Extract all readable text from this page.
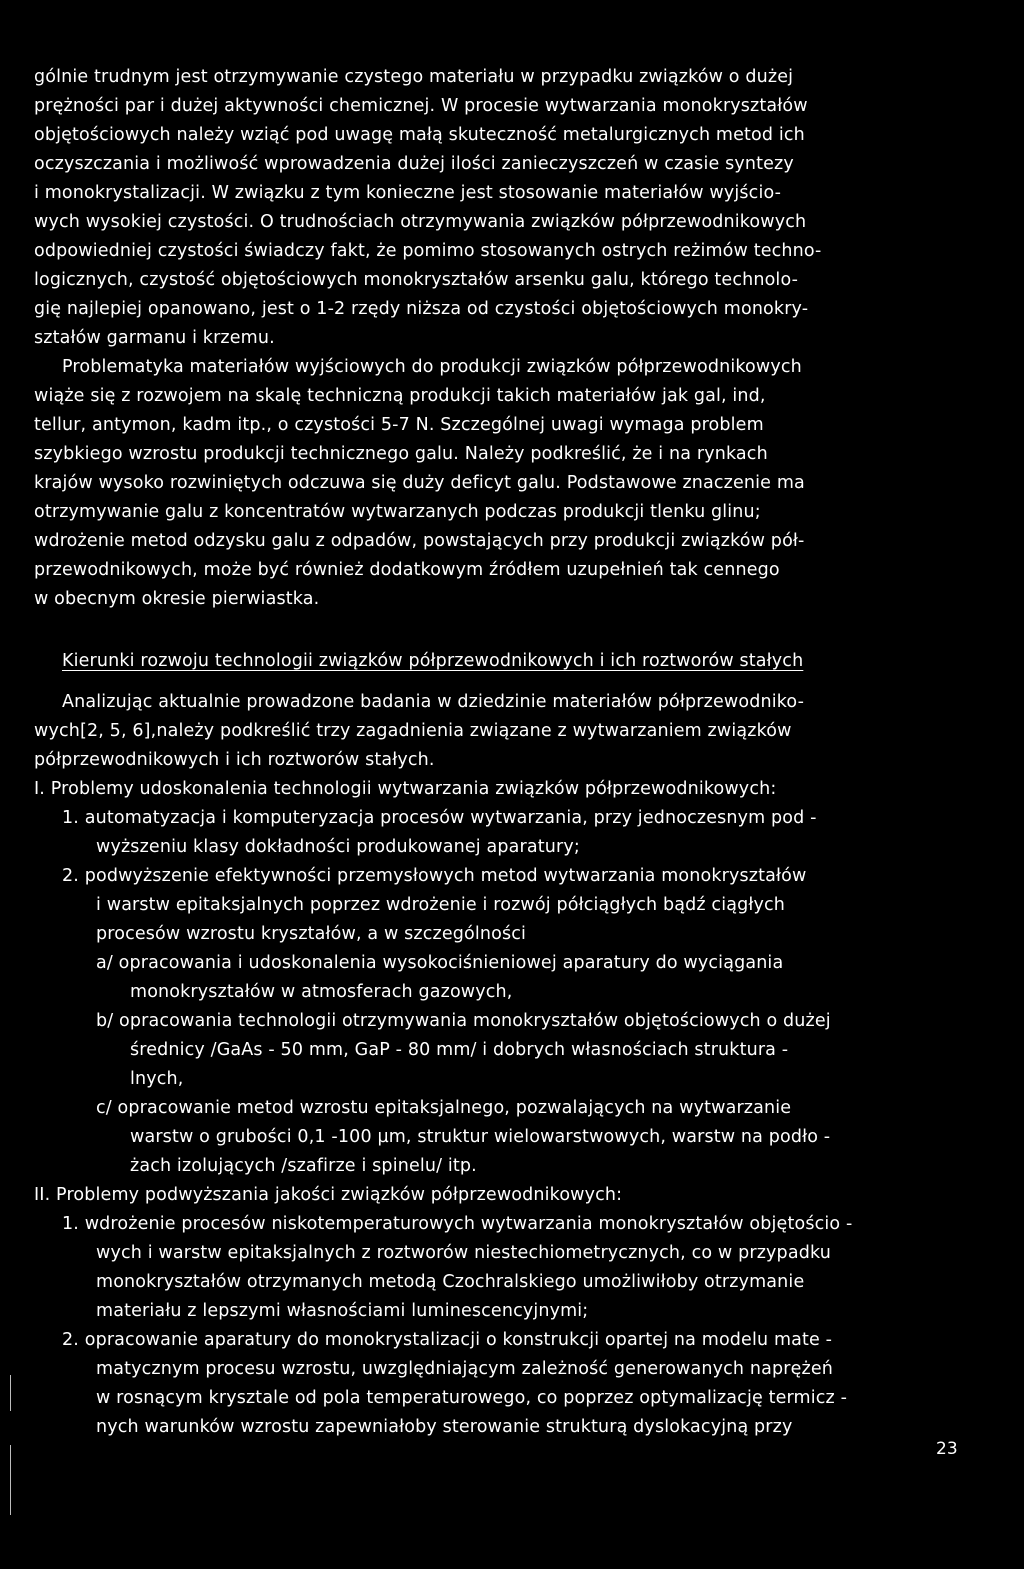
gólnie trudnym jest otrzymywanie czystego materiału w przypadku związków o dużej
prężności par i dużej aktywności chemicznej. W procesie wytwarzania monokryształów
objętościowych należy wziąć pod uwagę małą skuteczność metalurgicznych metod ich
oczyszczania i możliwość wprowadzenia dużej ilości zanieczyszczeń w czasie syntezy
i monokrystalizacji. W związku z tym konieczne jest stosowanie materiałów wyjścio-
wych wysokiej czystości. O trudnościach otrzymywania związków półprzewodnikowych
odpowiedniej czystości świadczy fakt, że pomimo stosowanych ostrych reżimów techno-
logicznych, czystość objętościowych monokryształów arsenku galu, którego technolo-
gię najlepiej opanowano, jest o 1-2 rzędy niższa od czystości objętościowych monokry-
ształów garmanu i krzemu.
Problematyka materiałów wyjściowych do produkcji związków półprzewodnikowych
wiąże się z rozwojem na skalę techniczną produkcji takich materiałów jak gal, ind,
tellur, antymon, kadm itp., o czystości 5-7 N. Szczególnej uwagi wymaga problem
szybkiego wzrostu produkcji technicznego galu. Należy podkreślić, że i na rynkach
krajów wysoko rozwiniętych odczuwa się duży deficyt galu. Podstawowe znaczenie ma
otrzymywanie galu z koncentratów wytwarzanych podczas produkcji tlenku glinu;
wdrożenie metod odzysku galu z odpadów, powstających przy produkcji związków pół-
przewodnikowych, może być również dodatkowym źródłem uzupełnień tak cennego
w obecnym okresie pierwiastka.
Kierunki rozwoju technologii związków półprzewodnikowych i ich roztworów stałych
Analizując aktualnie prowadzone badania w dziedzinie materiałów półprzewodniko-
wych[2, 5, 6],należy podkreślić trzy zagadnienia związane z wytwarzaniem związków
półprzewodnikowych i ich roztworów stałych.
I. Problemy udoskonalenia technologii wytwarzania związków półprzewodnikowych:
1. automatyzacja i komputeryzacja procesów wytwarzania, przy jednoczesnym pod -
wyższeniu klasy dokładności produkowanej aparatury;
2. podwyższenie efektywności przemysłowych metod wytwarzania monokryształów
i warstw epitaksjalnych poprzez wdrożenie i rozwój półciągłych bądź ciągłych
procesów wzrostu kryształów, a w szczególności
a/ opracowania i udoskonalenia wysokociśnieniowej aparatury do wyciągania
monokryształów w atmosferach gazowych,
b/ opracowania technologii otrzymywania monokryształów objętościowych o dużej
średnicy /GaAs - 50 mm, GaP - 80 mm/ i dobrych własnościach struktura -
lnych,
c/ opracowanie metod wzrostu epitaksjalnego, pozwalających na wytwarzanie
warstw o grubości 0,1 -100 µm, struktur wielowarstwowych, warstw na podło -
żach izolujących /szafirze i spinelu/ itp.
II. Problemy podwyższania jakości związków półprzewodnikowych:
1. wdrożenie procesów niskotemperaturowych wytwarzania monokryształów objętościo -
wych i warstw epitaksjalnych z roztworów niestechiometrycznych, co w przypadku
monokryształów otrzymanych metodą Czochralskiego umożliwiłoby otrzymanie
materiału z lepszymi własnościami luminescencyjnymi;
2. opracowanie aparatury do monokrystalizacji o konstrukcji opartej na modelu mate -
matycznym procesu wzrostu, uwzględniającym zależność generowanych naprężeń
w rosnącym krysztale od pola temperaturowego, co poprzez optymalizację termicz -
nych warunków wzrostu zapewniałoby sterowanie strukturą dyslokacyjną przy
23
